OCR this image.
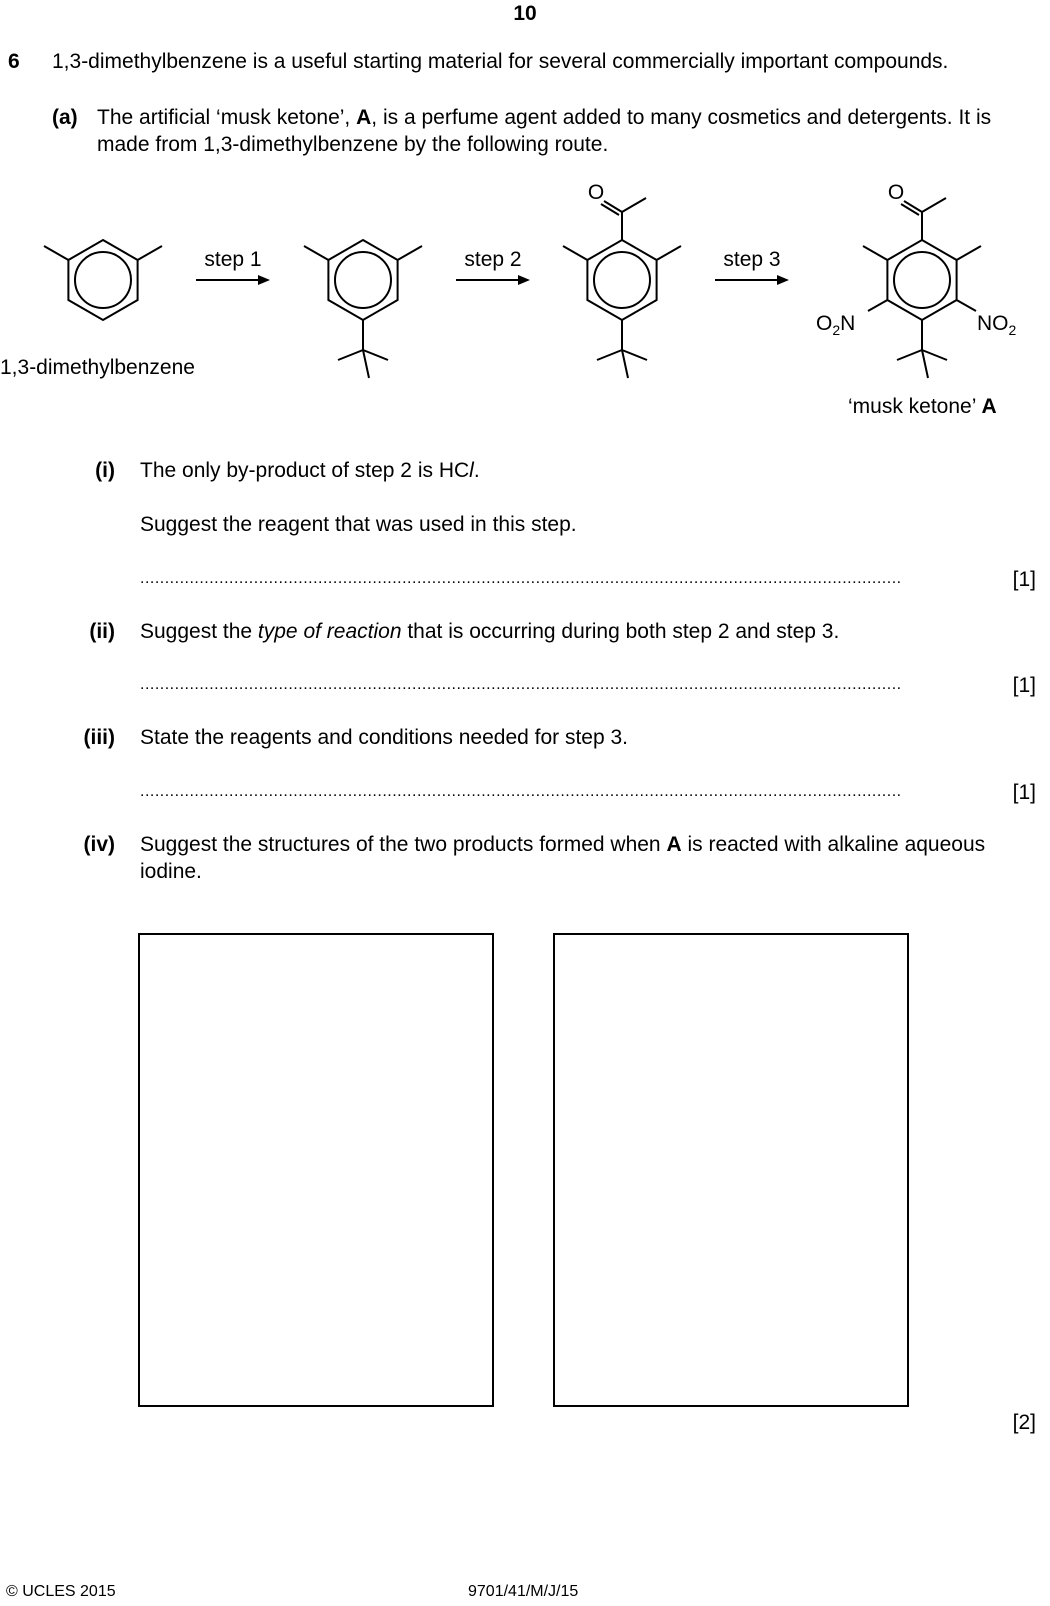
10
6 1,3-dimethylbenzene is a useful starting material for several commercially important compounds.
(a) The artificial ‘musk ketone’, A, is a perfume agent added to many cosmetics and detergents. It is made from 1,3-dimethylbenzene by the following route.
step 1	step 2	step 3
O	O
$O_2N$	$NO_2$
1,3-dimethylbenzene
‘musk ketone’ A
(i) The only by-product of step 2 is HCl.
Suggest the reagent that was used in this step.
..........................................................................................................................................................	[1]
(ii) Suggest the type of reaction that is occurring during both step 2 and step 3.
..........................................................................................................................................................	[1]
(iii) State the reagents and conditions needed for step 3.
..........................................................................................................................................................	[1]
(iv) Suggest the structures of the two products formed when A is reacted with alkaline aqueous iodine.
[2]
© UCLES 2015	9701/41/M/J/15
